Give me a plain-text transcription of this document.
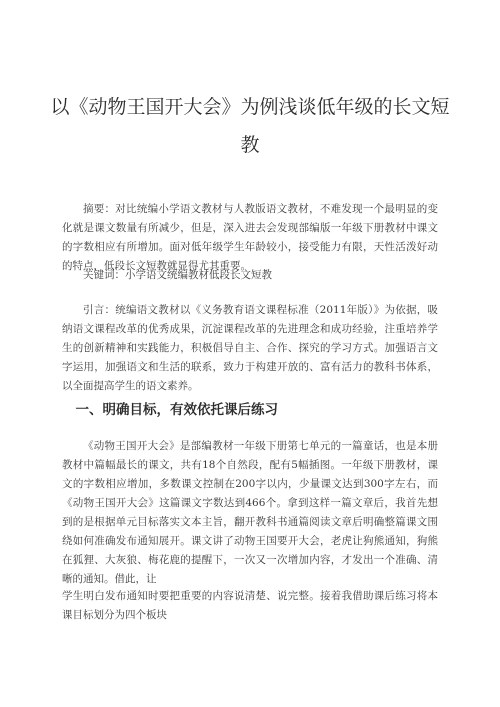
以《动物王国开大会》为例浅谈低年级的长文短教

摘要：对比统编小学语文教材与人教版语文教材，不难发现一个最明显的变化就是课文数量有所减少，但是，深入进去会发现部编版一年级下册教材中课文的字数相应有所增加。面对低年级学生年龄较小，接受能力有限，天性活泼好动的特点，低段长文短教就显得尤其重要。

关键词：小学语文统编教材低段长文短教

引言：统编语文教材以《义务教育语文课程标准（2011年版）》为依据，吸纳语文课程改革的优秀成果，沉淀课程改革的先进理念和成功经验，注重培养学生的创新精神和实践能力，积极倡导自主、合作、探究的学习方式。加强语言文字运用，加强语文和生活的联系，致力于构建开放的、富有活力的教科书体系，以全面提高学生的语文素养。

一、明确目标，有效依托课后练习

《动物王国开大会》是部编教材一年级下册第七单元的一篇童话，也是本册教材中篇幅最长的课文，共有18个自然段，配有5幅插图。一年级下册教材，课文的字数相应增加，多数课文控制在200字以内，少量课文达到300字左右，而《动物王国开大会》这篇课文字数达到466个。拿到这样一篇文章后，我首先想到的是根据单元目标落实文本主旨，翻开教科书通篇阅读文章后明确整篇课文围绕如何准确发布通知展开。课文讲了动物王国要开大会，老虎让狗熊通知，狗熊在狐狸、大灰狼、梅花鹿的提醒下，一次又一次增加内容，才发出一个准确、清晰的通知。借此，让

学生明白发布通知时要把重要的内容说清楚、说完整。接着我借助课后练习将本课目标划分为四个板块
